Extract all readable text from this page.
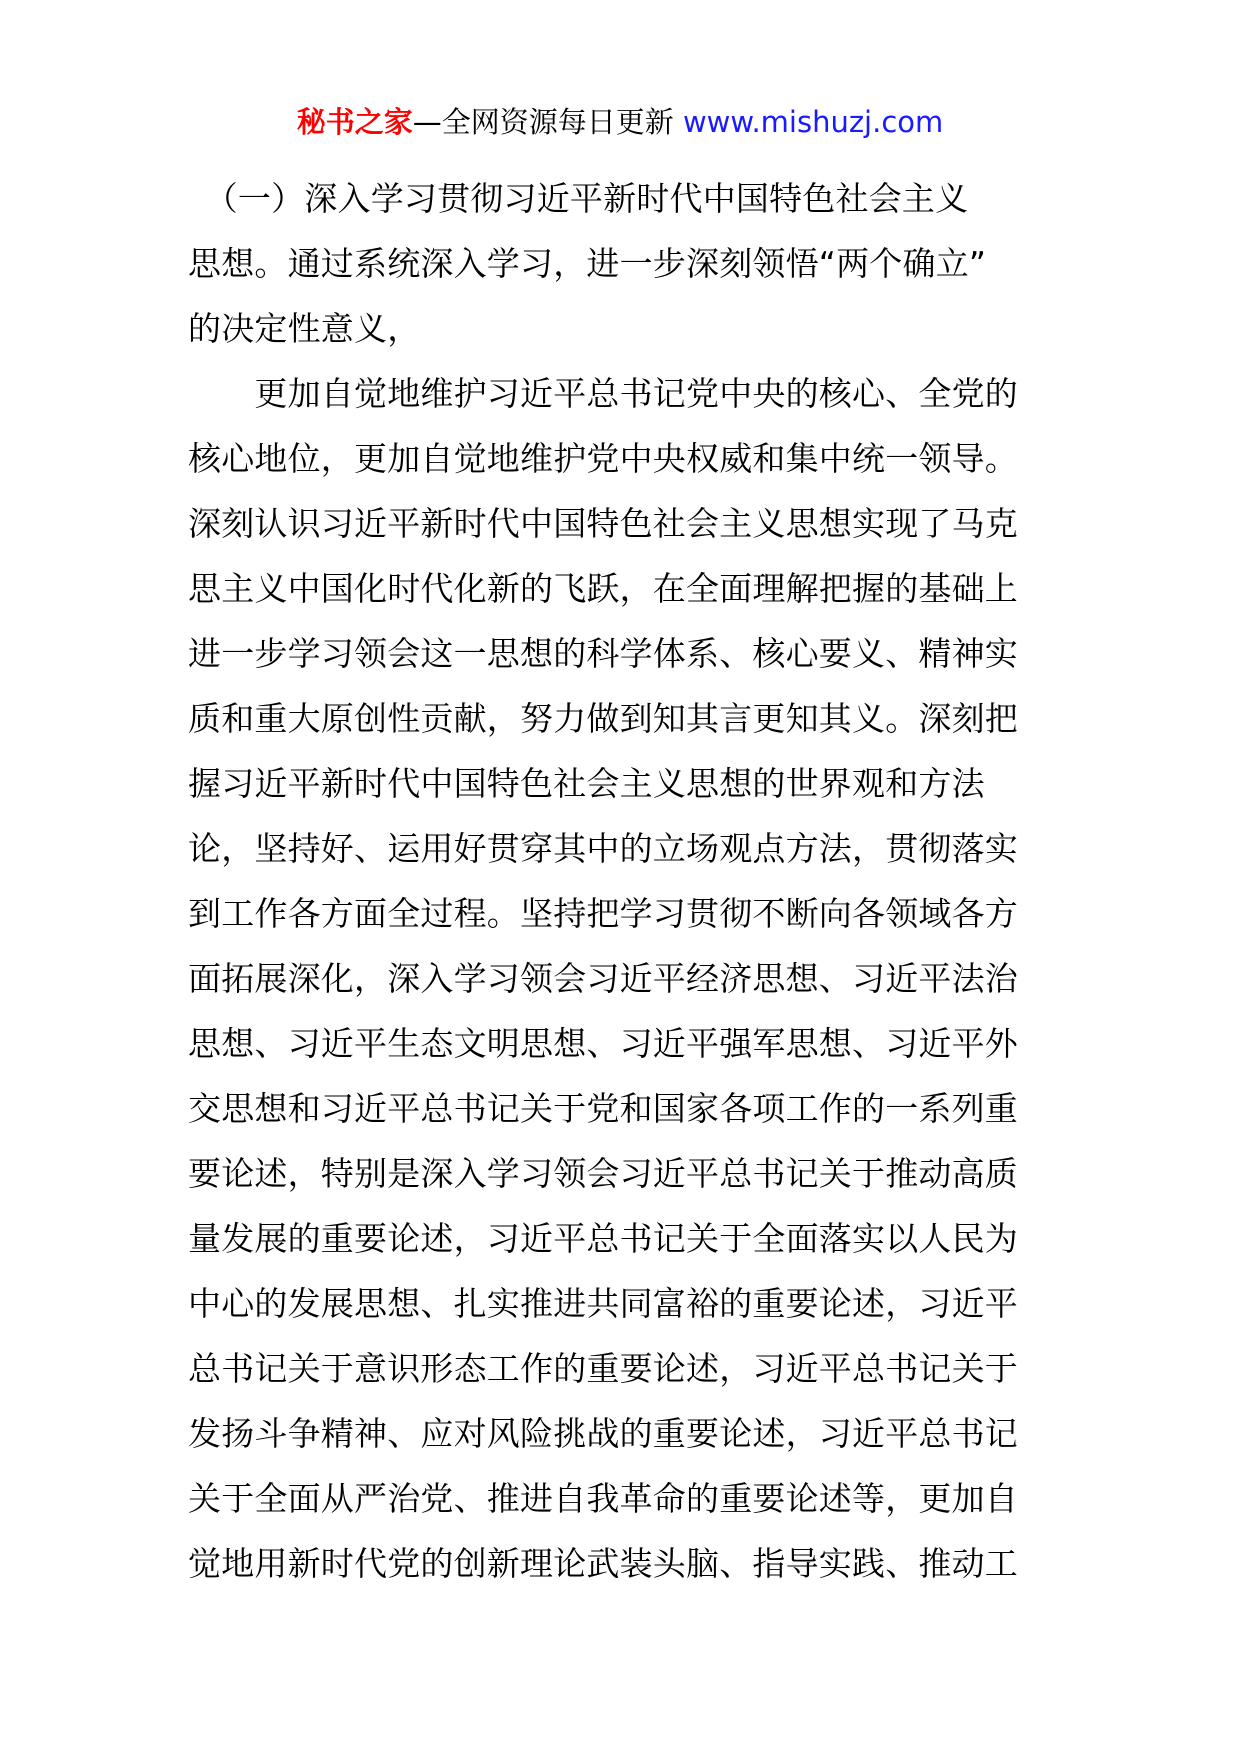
秘书之家—全网资源每日更新 www.mishuzj.com
　（一）深入学习贯彻习近平新时代中国特色社会主义
思想。通过系统深入学习，进一步深刻领悟“两个确立”
的决定性意义，
　　更加自觉地维护习近平总书记党中央的核心、全党的
核心地位，更加自觉地维护党中央权威和集中统一领导。
深刻认识习近平新时代中国特色社会主义思想实现了马克
思主义中国化时代化新的飞跃，在全面理解把握的基础上
进一步学习领会这一思想的科学体系、核心要义、精神实
质和重大原创性贡献，努力做到知其言更知其义。深刻把
握习近平新时代中国特色社会主义思想的世界观和方法
论，坚持好、运用好贯穿其中的立场观点方法，贯彻落实
到工作各方面全过程。坚持把学习贯彻不断向各领域各方
面拓展深化，深入学习领会习近平经济思想、习近平法治
思想、习近平生态文明思想、习近平强军思想、习近平外
交思想和习近平总书记关于党和国家各项工作的一系列重
要论述，特别是深入学习领会习近平总书记关于推动高质
量发展的重要论述，习近平总书记关于全面落实以人民为
中心的发展思想、扎实推进共同富裕的重要论述，习近平
总书记关于意识形态工作的重要论述，习近平总书记关于
发扬斗争精神、应对风险挑战的重要论述，习近平总书记
关于全面从严治党、推进自我革命的重要论述等，更加自
觉地用新时代党的创新理论武装头脑、指导实践、推动工
